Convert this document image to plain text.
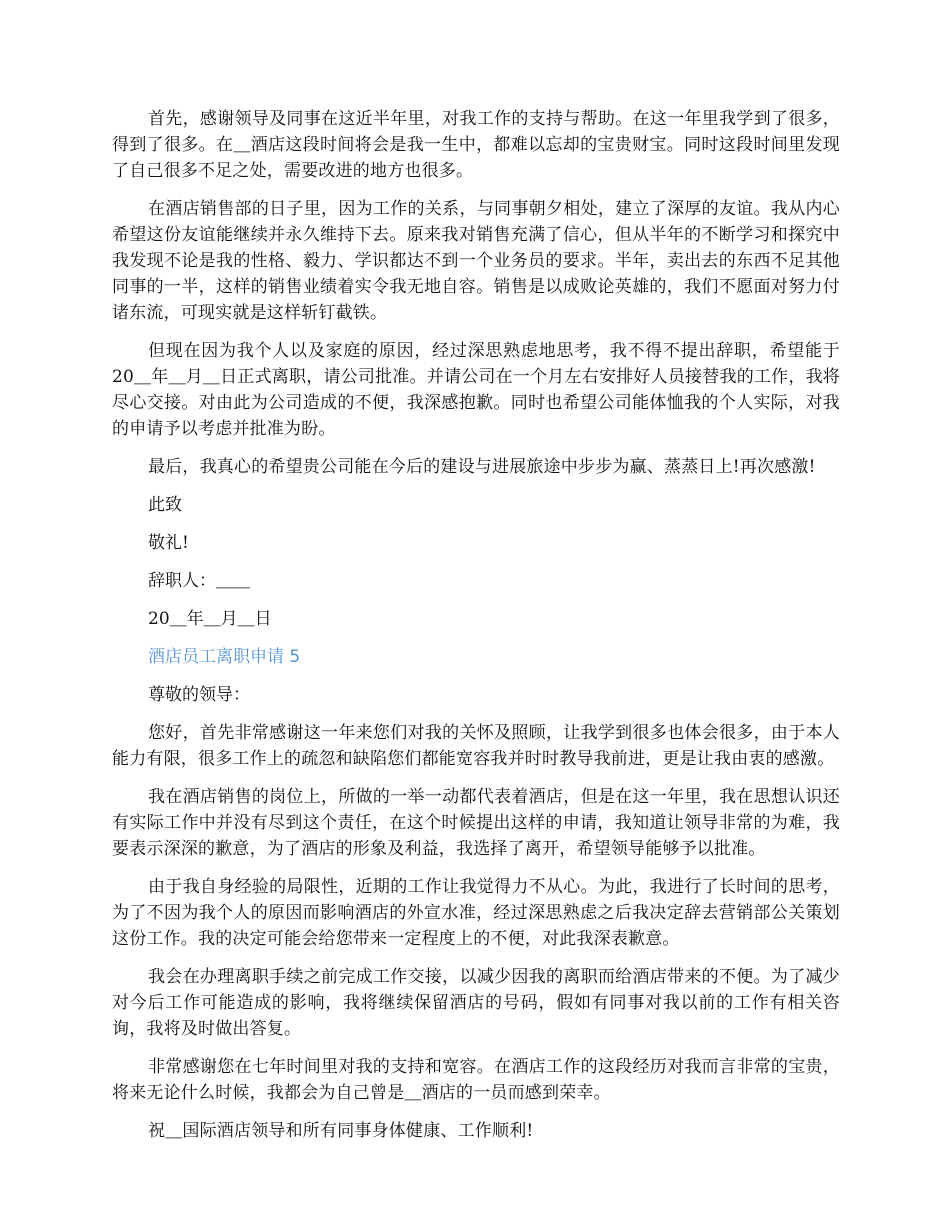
首先，感谢领导及同事在这近半年里，对我工作的支持与帮助。在这一年里我学到了很多，得到了很多。在＿酒店这段时间将会是我一生中，都难以忘却的宝贵财宝。同时这段时间里发现了自己很多不足之处，需要改进的地方也很多。

在酒店销售部的日子里，因为工作的关系，与同事朝夕相处，建立了深厚的友谊。我从内心希望这份友谊能继续并永久维持下去。原来我对销售充满了信心，但从半年的不断学习和探究中我发现不论是我的性格、毅力、学识都达不到一个业务员的要求。半年，卖出去的东西不足其他同事的一半，这样的销售业绩着实令我无地自容。销售是以成败论英雄的，我们不愿面对努力付诸东流，可现实就是这样斩钉截铁。

但现在因为我个人以及家庭的原因，经过深思熟虑地思考，我不得不提出辞职，希望能于 20＿年＿月＿日正式离职，请公司批准。并请公司在一个月左右安排好人员接替我的工作，我将尽心交接。对由此为公司造成的不便，我深感抱歉。同时也希望公司能体恤我的个人实际，对我的申请予以考虑并批准为盼。

最后，我真心的希望贵公司能在今后的建设与进展旅途中步步为赢、蒸蒸日上!再次感激!

此致

敬礼!

辞职人：＿＿

20＿年＿月＿日

酒店员工离职申请 5

尊敬的领导：

您好，首先非常感谢这一年来您们对我的关怀及照顾，让我学到很多也体会很多，由于本人能力有限，很多工作上的疏忽和缺陷您们都能宽容我并时时教导我前进，更是让我由衷的感激。

我在酒店销售的岗位上，所做的一举一动都代表着酒店，但是在这一年里，我在思想认识还有实际工作中并没有尽到这个责任，在这个时候提出这样的申请，我知道让领导非常的为难，我要表示深深的歉意，为了酒店的形象及利益，我选择了离开，希望领导能够予以批准。

由于我自身经验的局限性，近期的工作让我觉得力不从心。为此，我进行了长时间的思考，为了不因为我个人的原因而影响酒店的外宣水准，经过深思熟虑之后我决定辞去营销部公关策划这份工作。我的决定可能会给您带来一定程度上的不便，对此我深表歉意。

我会在办理离职手续之前完成工作交接，以减少因我的离职而给酒店带来的不便。为了减少对今后工作可能造成的影响，我将继续保留酒店的号码，假如有同事对我以前的工作有相关咨询，我将及时做出答复。

非常感谢您在七年时间里对我的支持和宽容。在酒店工作的这段经历对我而言非常的宝贵，将来无论什么时候，我都会为自己曾是＿酒店的一员而感到荣幸。

祝＿国际酒店领导和所有同事身体健康、工作顺利!
